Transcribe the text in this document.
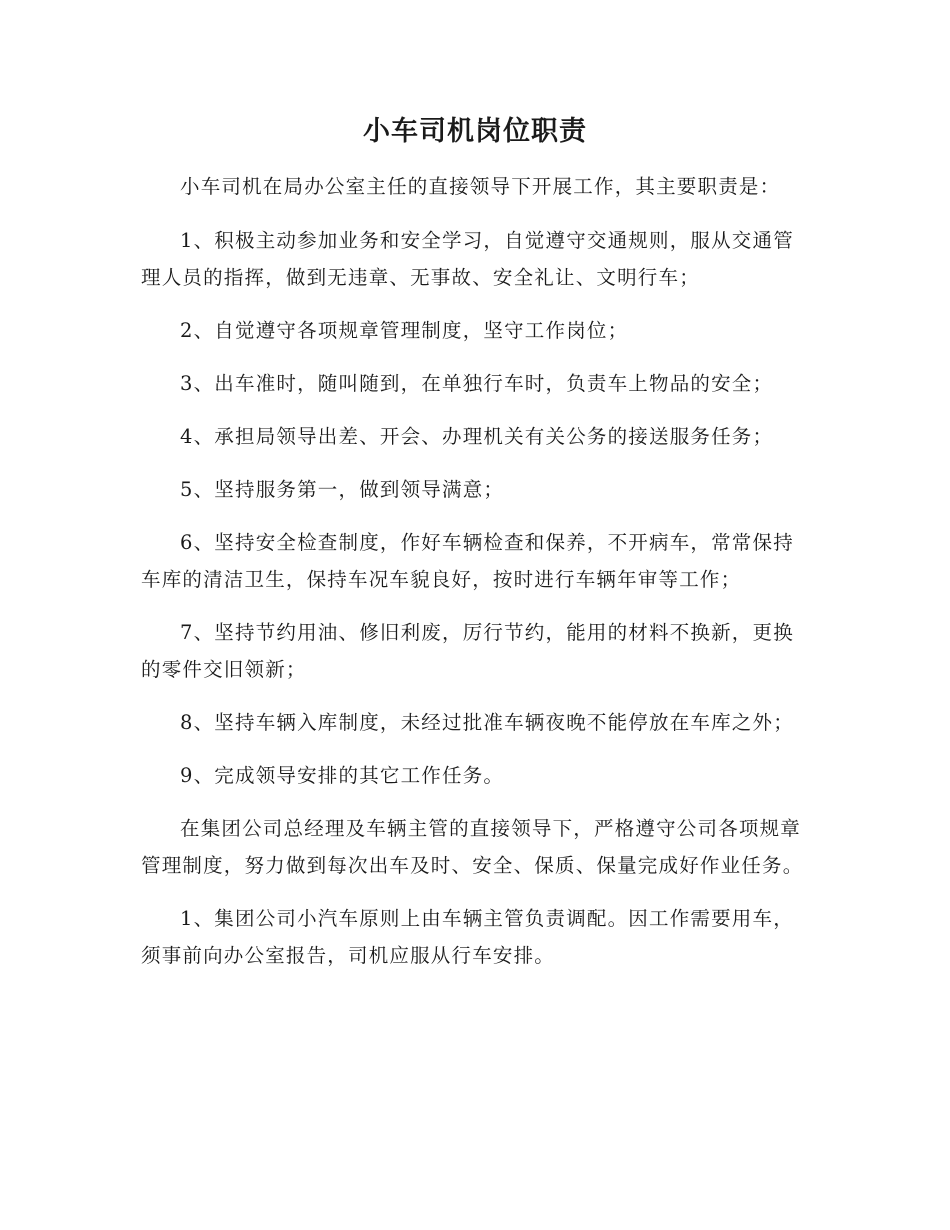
小车司机岗位职责

小车司机在局办公室主任的直接领导下开展工作，其主要职责是：

1、积极主动参加业务和安全学习，自觉遵守交通规则，服从交通管理人员的指挥，做到无违章、无事故、安全礼让、文明行车；

2、自觉遵守各项规章管理制度，坚守工作岗位；

3、出车准时，随叫随到，在单独行车时，负责车上物品的安全；

4、承担局领导出差、开会、办理机关有关公务的接送服务任务；

5、坚持服务第一，做到领导满意；

6、坚持安全检查制度，作好车辆检查和保养，不开病车，常常保持车库的清洁卫生，保持车况车貌良好，按时进行车辆年审等工作；

7、坚持节约用油、修旧利废，厉行节约，能用的材料不换新，更换的零件交旧领新；

8、坚持车辆入库制度，未经过批准车辆夜晚不能停放在车库之外；

9、完成领导安排的其它工作任务。

在集团公司总经理及车辆主管的直接领导下，严格遵守公司各项规章管理制度，努力做到每次出车及时、安全、保质、保量完成好作业任务。

1、集团公司小汽车原则上由车辆主管负责调配。因工作需要用车，须事前向办公室报告，司机应服从行车安排。
